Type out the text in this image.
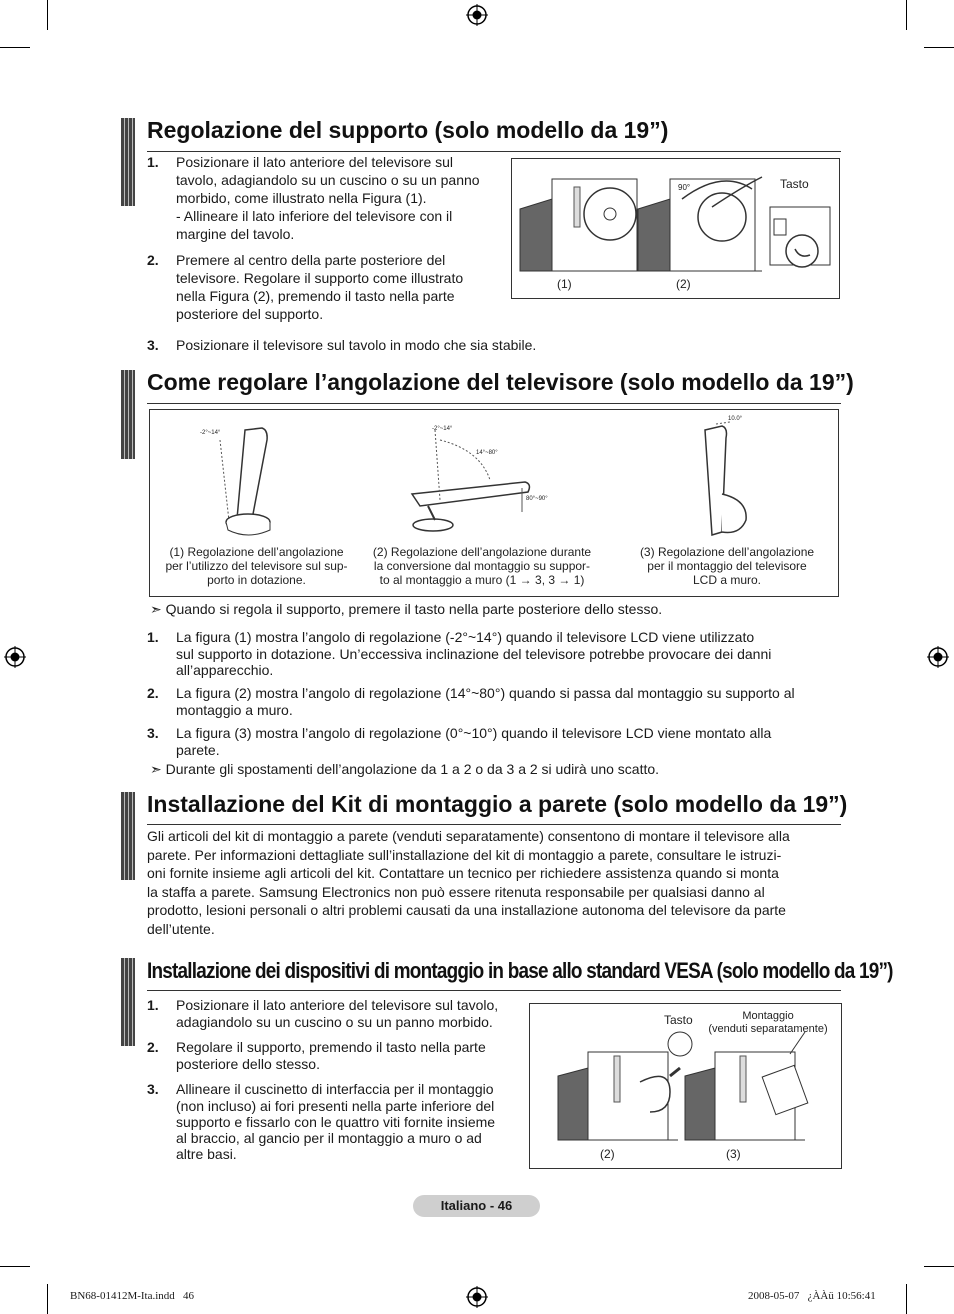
Regolazione del supporto (solo modello da 19”)
1. Posizionare il lato anteriore del televisore sul
tavolo, adagiandolo su un cuscino o su un panno
morbido, come illustrato nella Figura (1).
- Allineare il lato inferiore del televisore con il
margine del tavolo.
2. Premere al centro della parte posteriore del
televisore. Regolare il supporto come illustrato
nella Figura (2), premendo il tasto nella parte
posteriore del supporto.
3. Posizionare il televisore sul tavolo in modo che sia stabile.
90°	Tasto
(1)	(2)
Come regolare l’angolazione del televisore (solo modello da 19”)
-2°~14°
-2°~14°
14°~80°
80°~90°
10.0°
(1) Regolazione dell’angolazione
per l’utilizzo del televisore sul sup-
porto in dotazione.
(2) Regolazione dell’angolazione durante
la conversione dal montaggio su suppor-
to al montaggio a muro (1 → 3, 3 → 1)
(3) Regolazione dell’angolazione
per il montaggio del televisore
LCD a muro.
➣ Quando si regola il supporto, premere il tasto nella parte posteriore dello stesso.
1. La figura (1) mostra l’angolo di regolazione (-2°~14°) quando il televisore LCD viene utilizzato
sul supporto in dotazione. Un’eccessiva inclinazione del televisore potrebbe provocare dei danni
all’apparecchio.
2. La figura (2) mostra l’angolo di regolazione (14°~80°) quando si passa dal montaggio su supporto al
montaggio a muro.
3. La figura (3) mostra l’angolo di regolazione (0°~10°) quando il televisore LCD viene montato alla
parete.
➣ Durante gli spostamenti dell’angolazione da 1 a 2 o da 3 a 2 si udirà uno scatto.
Installazione del Kit di montaggio a parete (solo modello da 19”)
Gli articoli del kit di montaggio a parete (venduti separatamente) consentono di montare il televisore alla
parete. Per informazioni dettagliate sull’installazione del kit di montaggio a parete, consultare le istruzi-
oni fornite insieme agli articoli del kit. Contattare un tecnico per richiedere assistenza quando si monta
la staffa a parete. Samsung Electronics non può essere ritenuta responsabile per qualsiasi danno al
prodotto, lesioni personali o altri problemi causati da una installazione autonoma del televisore da parte
dell’utente.
Installazione dei dispositivi di montaggio in base allo standard VESA (solo modello da 19”)
1. Posizionare il lato anteriore del televisore sul tavolo,
adagiandolo su un cuscino o su un panno morbido.
2. Regolare il supporto, premendo il tasto nella parte
posteriore dello stesso.
3. Allineare il cuscinetto di interfaccia per il montaggio
(non incluso) ai fori presenti nella parte inferiore del
supporto e fissarlo con le quattro viti fornite insieme
al braccio, al gancio per il montaggio a muro o ad
altre basi.
Tasto	Montaggio
(venduti separatamente)
(2)	(3)
Italiano - 46
BN68-01412M-Ita.indd   46	2008-05-07   ¿ÀÀü 10:56:41
